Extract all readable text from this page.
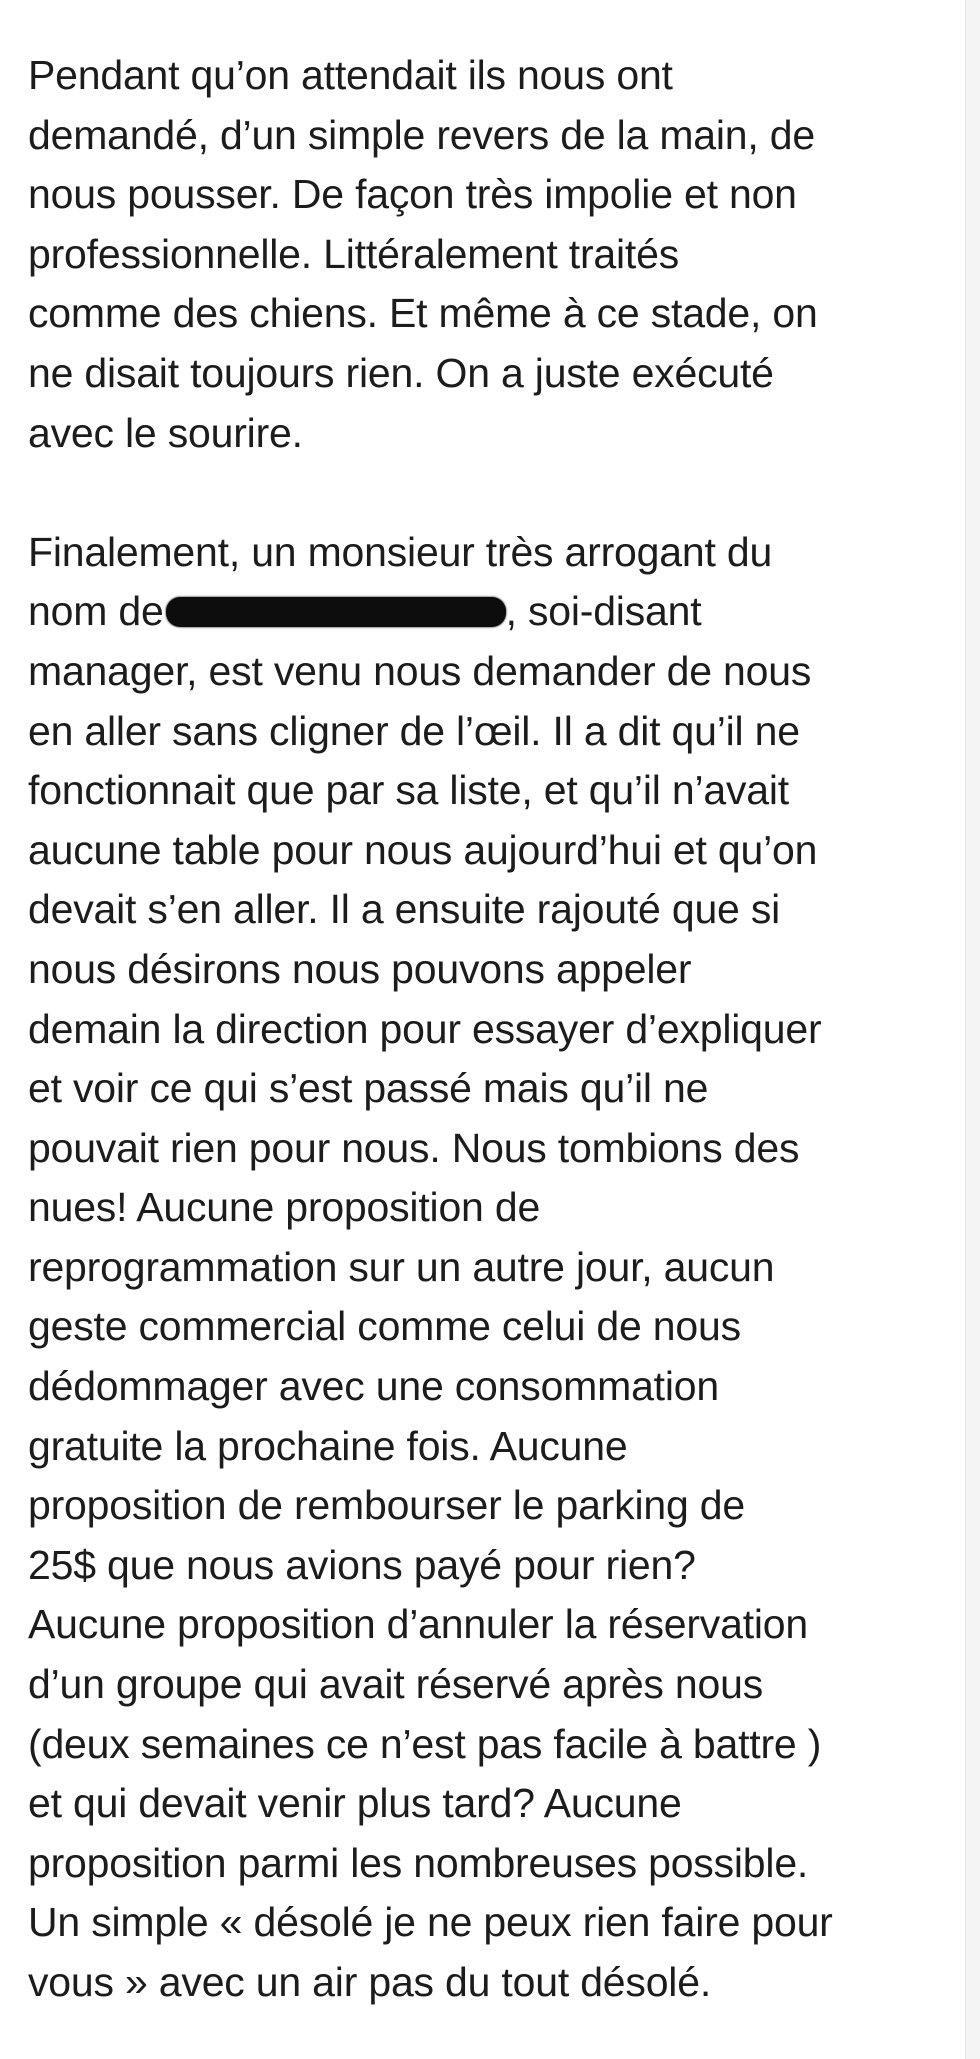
Pendant qu’on attendait ils nous ont
demandé, d’un simple revers de la main, de
nous pousser. De façon très impolie et non
professionnelle. Littéralement traités
comme des chiens. Et même à ce stade, on
ne disait toujours rien. On a juste exécuté
avec le sourire.

Finalement, un monsieur très arrogant du
nom de	, soi-disant
manager, est venu nous demander de nous
en aller sans cligner de l’œil. Il a dit qu’il ne
fonctionnait que par sa liste, et qu’il n’avait
aucune table pour nous aujourd’hui et qu’on
devait s’en aller. Il a ensuite rajouté que si
nous désirons nous pouvons appeler
demain la direction pour essayer d’expliquer
et voir ce qui s’est passé mais qu’il ne
pouvait rien pour nous. Nous tombions des
nues! Aucune proposition de
reprogrammation sur un autre jour, aucun
geste commercial comme celui de nous
dédommager avec une consommation
gratuite la prochaine fois. Aucune
proposition de rembourser le parking de
25$ que nous avions payé pour rien?
Aucune proposition d’annuler la réservation
d’un groupe qui avait réservé après nous
(deux semaines ce n’est pas facile à battre )
et qui devait venir plus tard? Aucune
proposition parmi les nombreuses possible.
Un simple « désolé je ne peux rien faire pour
vous » avec un air pas du tout désolé.
